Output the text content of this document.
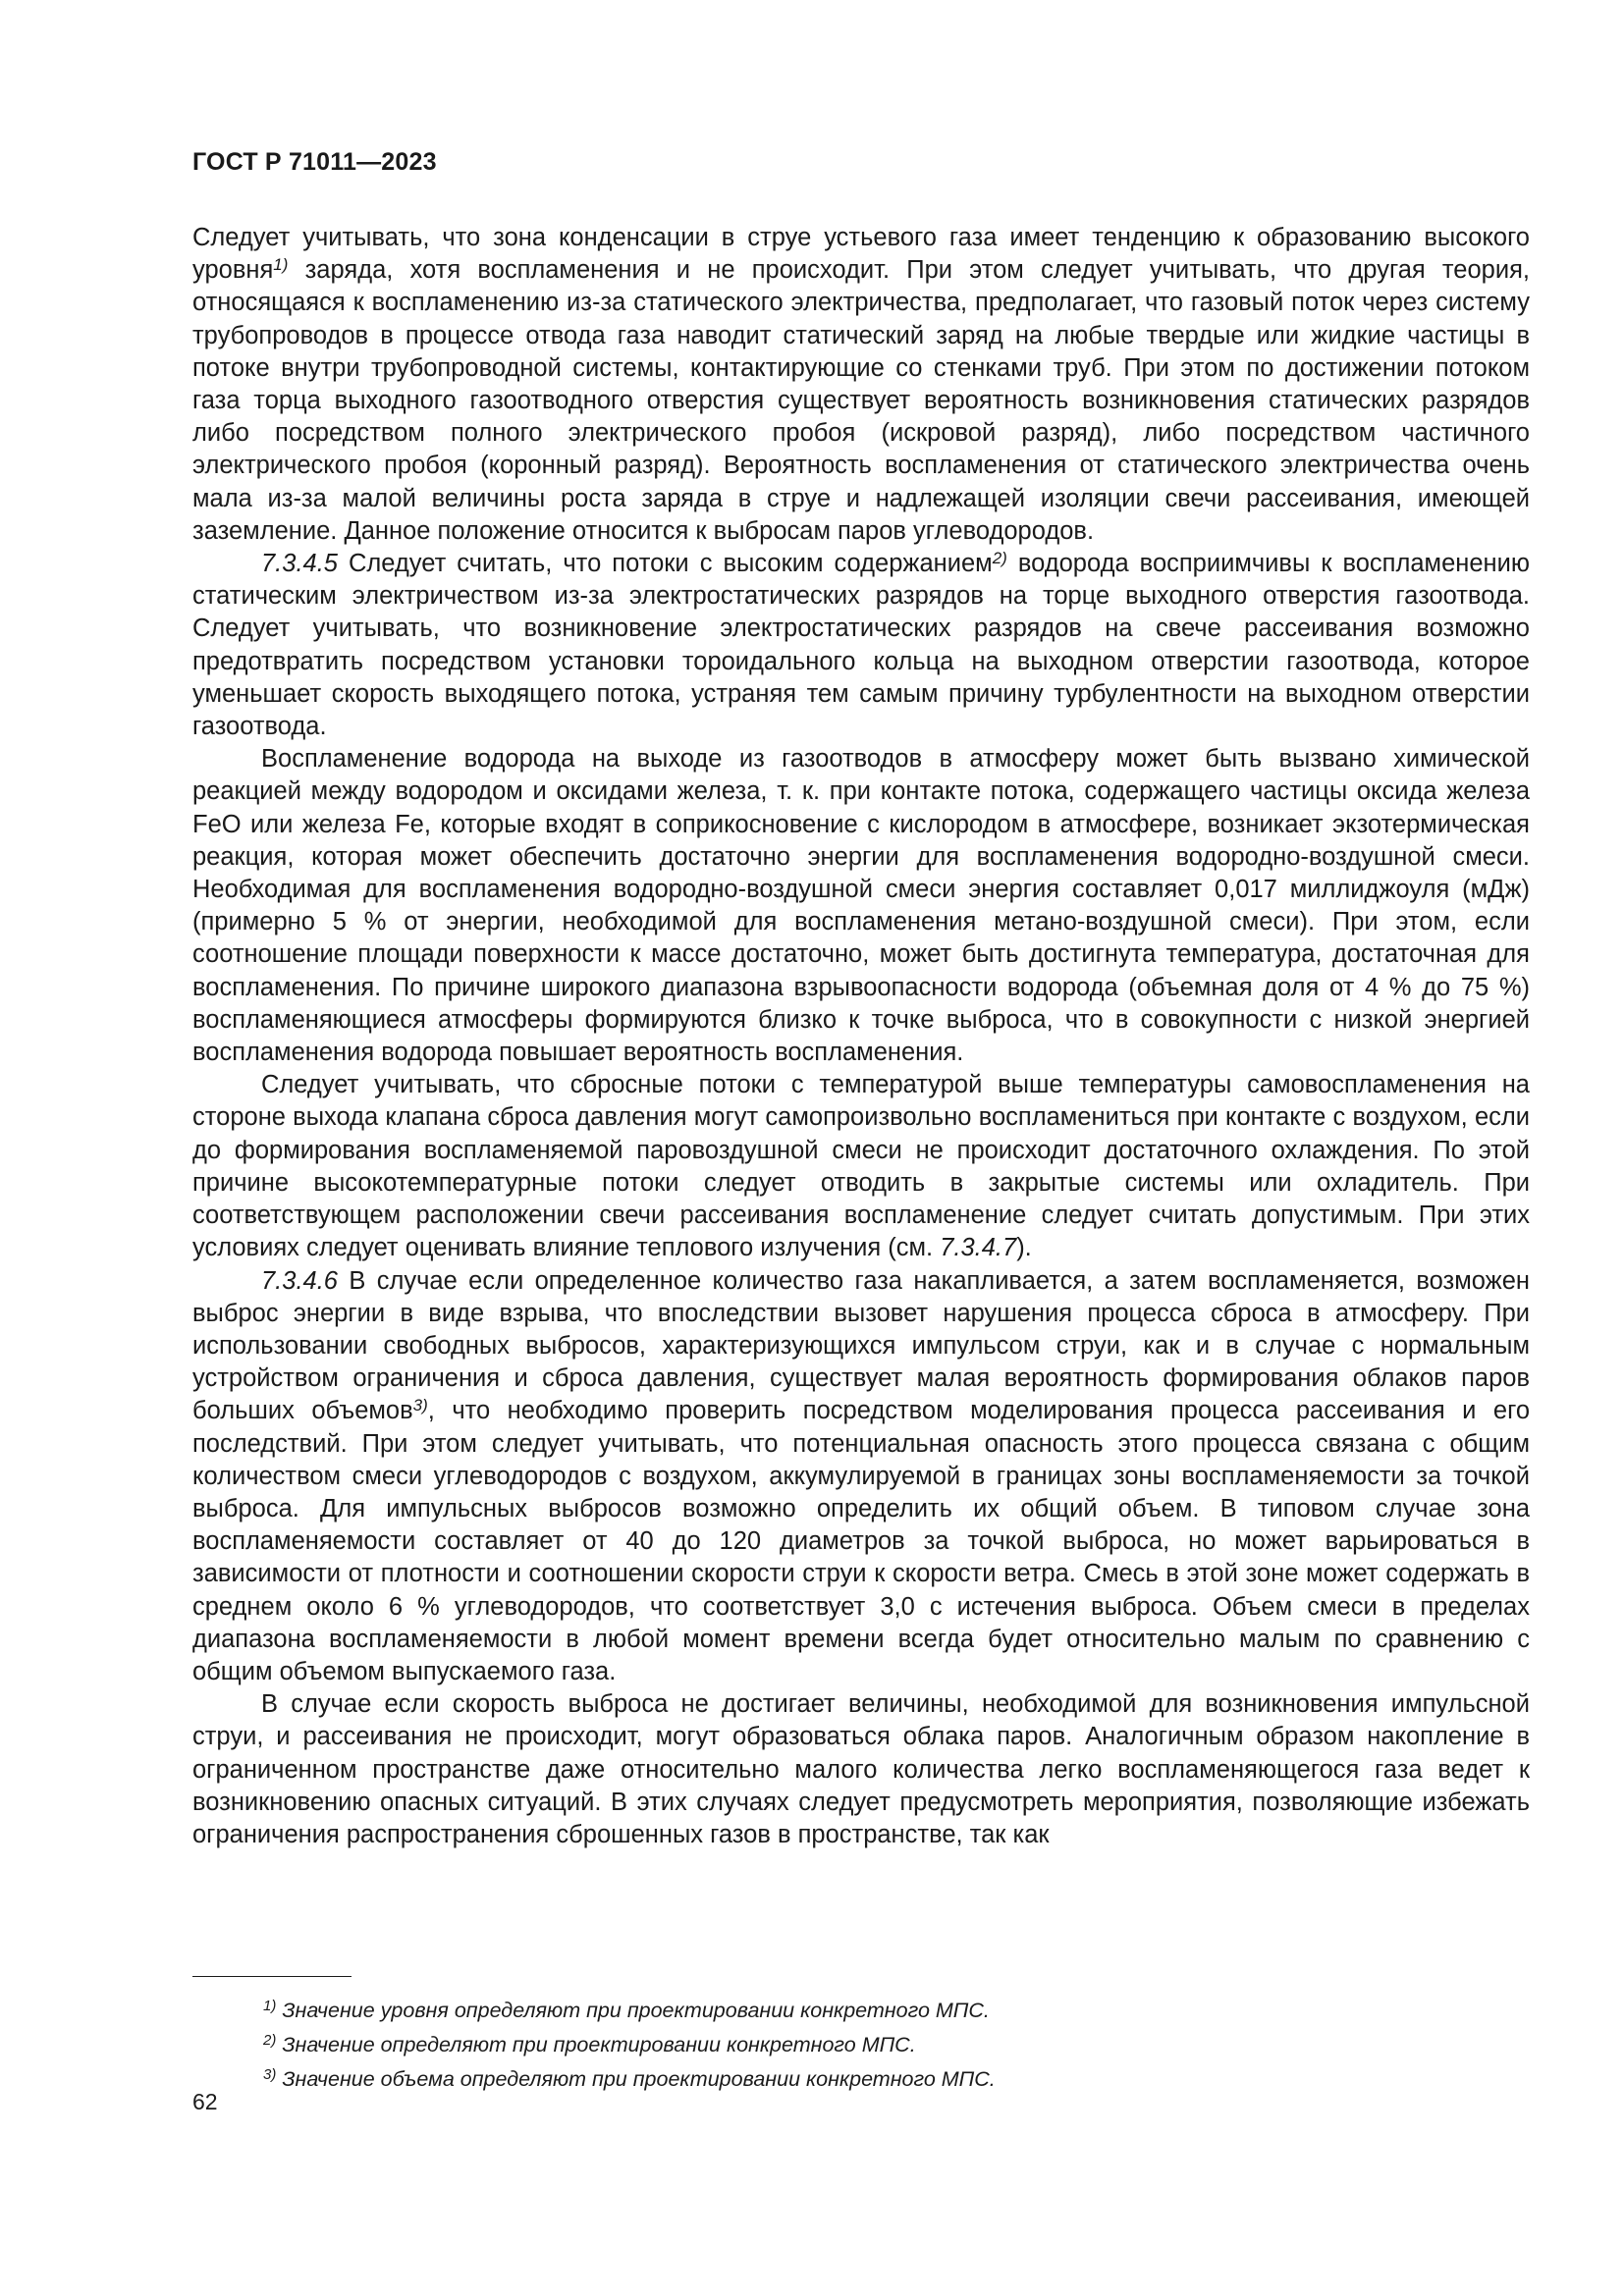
ГОСТ Р 71011—2023

Следует учитывать, что зона конденсации в струе устьевого газа имеет тенденцию к образованию высокого уровня$^{1)}$ заряда, хотя воспламенения и не происходит. При этом следует учитывать, что другая теория, относящаяся к воспламенению из-за статического электричества, предполагает, что газовый поток через систему трубопроводов в процессе отвода газа наводит статический заряд на любые твердые или жидкие частицы в потоке внутри трубопроводной системы, контактирующие со стенками труб. При этом по достижении потоком газа торца выходного газоотводного отверстия существует вероятность возникновения статических разрядов либо посредством полного электрического пробоя (искровой разряд), либо посредством частичного электрического пробоя (коронный разряд). Вероятность воспламенения от статического электричества очень мала из-за малой величины роста заряда в струе и надлежащей изоляции свечи рассеивания, имеющей заземление. Данное положение относится к выбросам паров углеводородов.

7.3.4.5 Следует считать, что потоки с высоким содержанием$^{2)}$ водорода восприимчивы к воспламенению статическим электричеством из-за электростатических разрядов на торце выходного отверстия газоотвода. Следует учитывать, что возникновение электростатических разрядов на свече рассеивания возможно предотвратить посредством установки тороидального кольца на выходном отверстии газоотвода, которое уменьшает скорость выходящего потока, устраняя тем самым причину турбулентности на выходном отверстии газоотвода.

Воспламенение водорода на выходе из газоотводов в атмосферу может быть вызвано химической реакцией между водородом и оксидами железа, т. к. при контакте потока, содержащего частицы оксида железа FeO или железа Fe, которые входят в соприкосновение с кислородом в атмосфере, возникает экзотермическая реакция, которая может обеспечить достаточно энергии для воспламенения водородно-воздушной смеси. Необходимая для воспламенения водородно-воздушной смеси энергия составляет 0,017 миллиджоуля (мДж) (примерно 5 % от энергии, необходимой для воспламенения метано-воздушной смеси). При этом, если соотношение площади поверхности к массе достаточно, может быть достигнута температура, достаточная для воспламенения. По причине широкого диапазона взрывоопасности водорода (объемная доля от 4 % до 75 %) воспламеняющиеся атмосферы формируются близко к точке выброса, что в совокупности с низкой энергией воспламенения водорода повышает вероятность воспламенения.

Следует учитывать, что сбросные потоки с температурой выше температуры самовоспламенения на стороне выхода клапана сброса давления могут самопроизвольно воспламениться при контакте с воздухом, если до формирования воспламеняемой паровоздушной смеси не происходит достаточного охлаждения. По этой причине высокотемпературные потоки следует отводить в закрытые системы или охладитель. При соответствующем расположении свечи рассеивания воспламенение следует считать допустимым. При этих условиях следует оценивать влияние теплового излучения (см. 7.3.4.7).

7.3.4.6 В случае если определенное количество газа накапливается, а затем воспламеняется, возможен выброс энергии в виде взрыва, что впоследствии вызовет нарушения процесса сброса в атмосферу. При использовании свободных выбросов, характеризующихся импульсом струи, как и в случае с нормальным устройством ограничения и сброса давления, существует малая вероятность формирования облаков паров больших объемов$^{3)}$, что необходимо проверить посредством моделирования процесса рассеивания и его последствий. При этом следует учитывать, что потенциальная опасность этого процесса связана с общим количеством смеси углеводородов с воздухом, аккумулируемой в границах зоны воспламеняемости за точкой выброса. Для импульсных выбросов возможно определить их общий объем. В типовом случае зона воспламеняемости составляет от 40 до 120 диаметров за точкой выброса, но может варьироваться в зависимости от плотности и соотношении скорости струи к скорости ветра. Смесь в этой зоне может содержать в среднем около 6 % углеводородов, что соответствует 3,0 с истечения выброса. Объем смеси в пределах диапазона воспламеняемости в любой момент времени всегда будет относительно малым по сравнению с общим объемом выпускаемого газа.

В случае если скорость выброса не достигает величины, необходимой для возникновения импульсной струи, и рассеивания не происходит, могут образоваться облака паров. Аналогичным образом накопление в ограниченном пространстве даже относительно малого количества легко воспламеняющегося газа ведет к возникновению опасных ситуаций. В этих случаях следует предусмотреть мероприятия, позволяющие избежать ограничения распространения сброшенных газов в пространстве, так как

$^{1)}$ Значение уровня определяют при проектировании конкретного МПС.

$^{2)}$ Значение определяют при проектировании конкретного МПС.

$^{3)}$ Значение объема определяют при проектировании конкретного МПС.

62
